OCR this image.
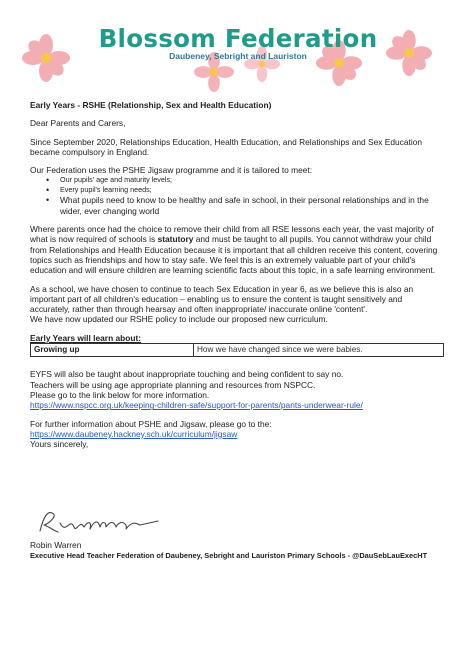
Blossom Federation
Daubeney, Sebright and Lauriston

Early Years - RSHE (Relationship, Sex and Health Education)

Dear Parents and Carers,

Since September 2020, Relationships Education, Health Education, and Relationships and Sex Education became compulsory in England.

Our Federation uses the PSHE Jigsaw programme and it is tailored to meet:

• Our pupils' age and maturity levels;
• Every pupil's learning needs;
• What pupils need to know to be healthy and safe in school, in their personal relationships and in the wider, ever changing world

Where parents once had the choice to remove their child from all RSE lessons each year, the vast majority of what is now required of schools is statutory and must be taught to all pupils. You cannot withdraw your child from Relationships and Health Education because it is important that all children receive this content, covering topics such as friendships and how to stay safe. We feel this is an extremely valuable part of your child's education and will ensure children are learning scientific facts about this topic, in a safe learning environment.

As a school, we have chosen to continue to teach Sex Education in year 6, as we believe this is also an important part of all children's education – enabling us to ensure the content is taught sensitively and accurately, rather than through hearsay and often inappropriate/ inaccurate online 'content'.

We have now updated our RSHE policy to include our proposed new curriculum.

Early Years will learn about:

Growing up	How we have changed since we were babies.

EYFS will also be taught about inappropriate touching and being confident to say no.

Teachers will be using age appropriate planning and resources from NSPCC.

Please go to the link below for more information.

https://www.nspcc.org.uk/keeping-children-safe/support-for-parents/pants-underwear-rule/

For further information about PSHE and Jigsaw, please go to the:

https://www.daubeney.hackney.sch.uk/curriculum/jigsaw

Yours sincerely,

Robin Warren
Executive Head Teacher Federation of Daubeney, Sebright and Lauriston Primary Schools - @DauSebLauExecHT
